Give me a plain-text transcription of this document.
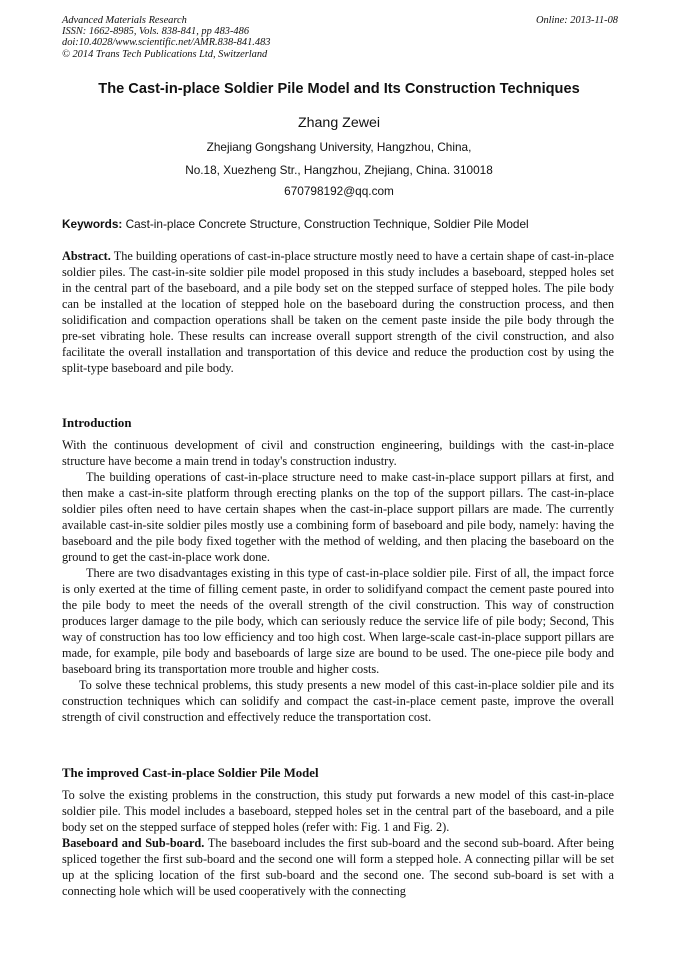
Advanced Materials Research
ISSN: 1662-8985, Vols. 838-841, pp 483-486
doi:10.4028/www.scientific.net/AMR.838-841.483
© 2014 Trans Tech Publications Ltd, Switzerland
Online: 2013-11-08
The Cast-in-place Soldier Pile Model and Its Construction Techniques
Zhang Zewei
Zhejiang Gongshang University, Hangzhou, China,
No.18, Xuezheng Str., Hangzhou, Zhejiang, China. 310018
670798192@qq.com
Keywords: Cast-in-place Concrete Structure, Construction Technique, Soldier Pile Model

Abstract. The building operations of cast-in-place structure mostly need to have a certain shape of cast-in-place soldier piles. The cast-in-site soldier pile model proposed in this study includes a baseboard, stepped holes set in the central part of the baseboard, and a pile body set on the stepped surface of stepped holes. The pile body can be installed at the location of stepped hole on the baseboard during the construction process, and then solidification and compaction operations shall be taken on the cement paste inside the pile body through the pre-set vibrating hole. These results can increase overall support strength of the civil construction, and also facilitate the overall installation and transportation of this device and reduce the production cost by using the split-type baseboard and pile body.

Introduction

With the continuous development of civil and construction engineering, buildings with the cast-in-place structure have become a main trend in today's construction industry.

The building operations of cast-in-place structure need to make cast-in-place support pillars at first, and then make a cast-in-site platform through erecting planks on the top of the support pillars. The cast-in-place soldier piles often need to have certain shapes when the cast-in-place support pillars are made. The currently available cast-in-site soldier piles mostly use a combining form of baseboard and pile body, namely: having the baseboard and the pile body fixed together with the method of welding, and then placing the baseboard on the ground to get the cast-in-place work done.

There are two disadvantages existing in this type of cast-in-place soldier pile. First of all, the impact force is only exerted at the time of filling cement paste, in order to solidifyand compact the cement paste poured into the pile body to meet the needs of the overall strength of the civil construction. This way of construction produces larger damage to the pile body, which can seriously reduce the service life of pile body; Second, This way of construction has too low efficiency and too high cost. When large-scale cast-in-place support pillars are made, for example, pile body and baseboards of large size are bound to be used. The one-piece pile body and baseboard bring its transportation more trouble and higher costs.

To solve these technical problems, this study presents a new model of this cast-in-place soldier pile and its construction techniques which can solidify and compact the cast-in-place cement paste, improve the overall strength of civil construction and effectively reduce the transportation cost.

The improved Cast-in-place Soldier Pile Model

To solve the existing problems in the construction, this study put forwards a new model of this cast-in-place soldier pile. This model includes a baseboard, stepped holes set in the central part of the baseboard, and a pile body set on the stepped surface of stepped holes (refer with: Fig. 1 and Fig. 2).

Baseboard and Sub-board. The baseboard includes the first sub-board and the second sub-board. After being spliced together the first sub-board and the second one will form a stepped hole. A connecting pillar will be set up at the splicing location of the first sub-board and the second one. The second sub-board is set with a connecting hole which will be used cooperatively with the connecting
